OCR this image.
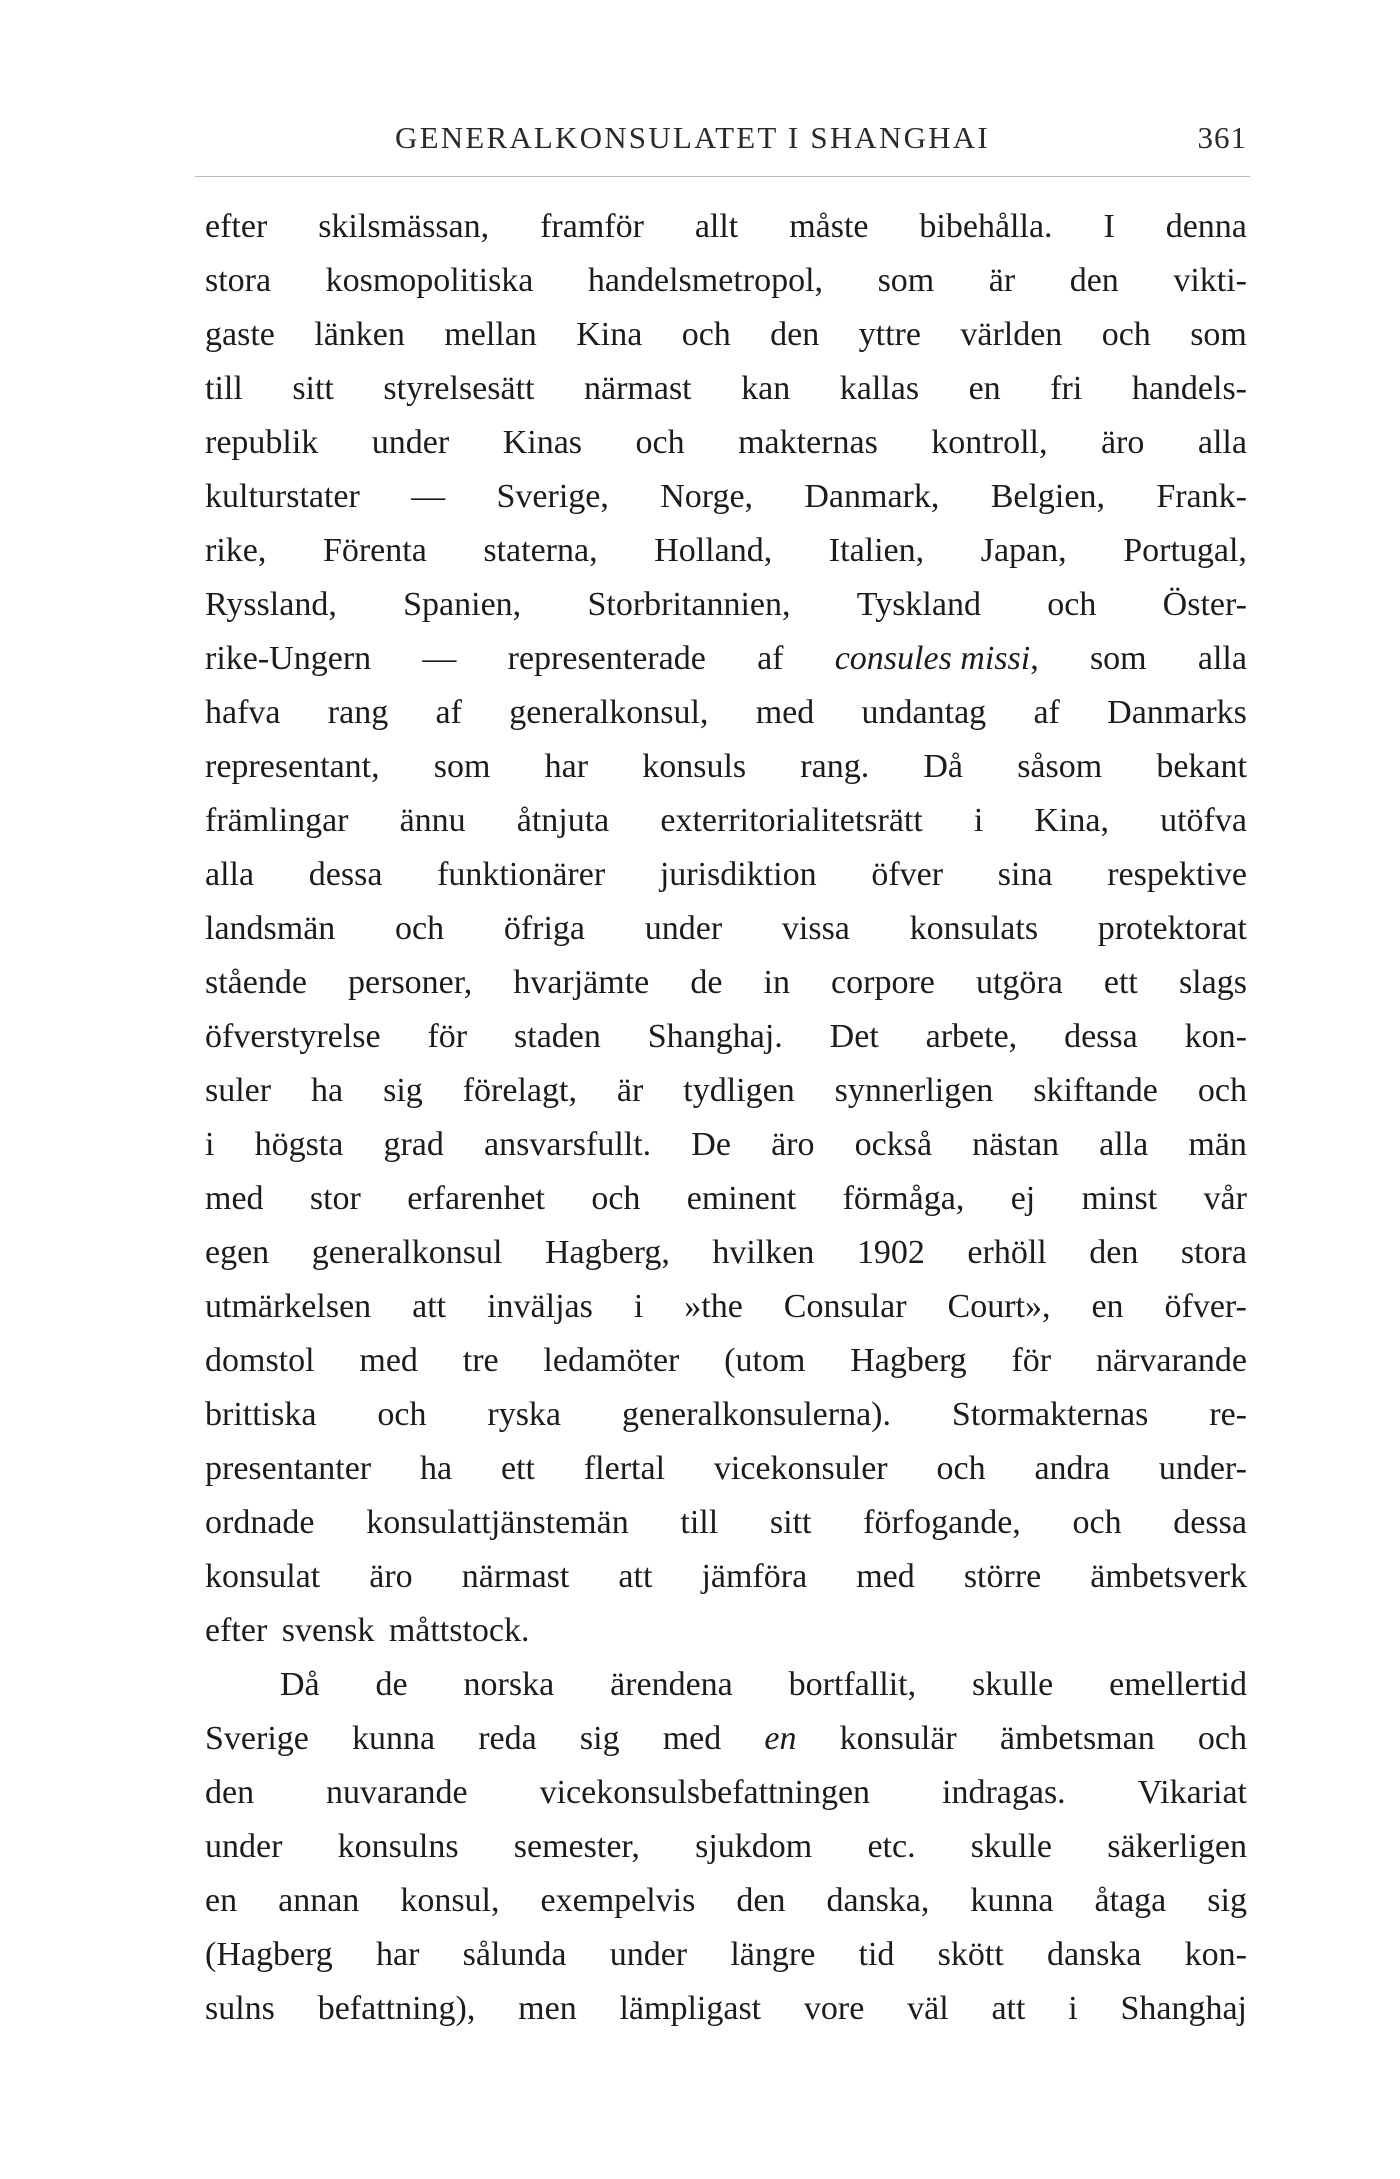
GENERALKONSULATET I SHANGHAI	361
efter skilsmässan, framför allt måste bibehålla. I denna
stora kosmopolitiska handelsmetropol, som är den vikti-
gaste länken mellan Kina och den yttre världen och som
till sitt styrelsesätt närmast kan kallas en fri handels-
republik under Kinas och makternas kontroll, äro alla
kulturstater — Sverige, Norge, Danmark, Belgien, Frank-
rike, Förenta staterna, Holland, Italien, Japan, Portugal,
Ryssland, Spanien, Storbritannien, Tyskland och Öster-
rike-Ungern — representerade af consules missi, som alla
hafva rang af generalkonsul, med undantag af Danmarks
representant, som har konsuls rang. Då såsom bekant
främlingar ännu åtnjuta exterritorialitetsrätt i Kina, utöfva
alla dessa funktionärer jurisdiktion öfver sina respektive
landsmän och öfriga under vissa konsulats protektorat
stående personer, hvarjämte de in corpore utgöra ett slags
öfverstyrelse för staden Shanghaj. Det arbete, dessa kon-
suler ha sig förelagt, är tydligen synnerligen skiftande och
i högsta grad ansvarsfullt. De äro också nästan alla män
med stor erfarenhet och eminent förmåga, ej minst vår
egen generalkonsul Hagberg, hvilken 1902 erhöll den stora
utmärkelsen att inväljas i »the Consular Court», en öfver-
domstol med tre ledamöter (utom Hagberg för närvarande
brittiska och ryska generalkonsulerna). Stormakternas re-
presentanter ha ett flertal vicekonsuler och andra under-
ordnade konsulattjänstemän till sitt förfogande, och dessa
konsulat äro närmast att jämföra med större ämbetsverk
efter svensk måttstock.
Då de norska ärendena bortfallit, skulle emellertid
Sverige kunna reda sig med en konsulär ämbetsman och
den nuvarande vicekonsulsbefattningen indragas. Vikariat
under konsulns semester, sjukdom etc. skulle säkerligen
en annan konsul, exempelvis den danska, kunna åtaga sig
(Hagberg har sålunda under längre tid skött danska kon-
sulns befattning), men lämpligast vore väl att i Shanghaj
